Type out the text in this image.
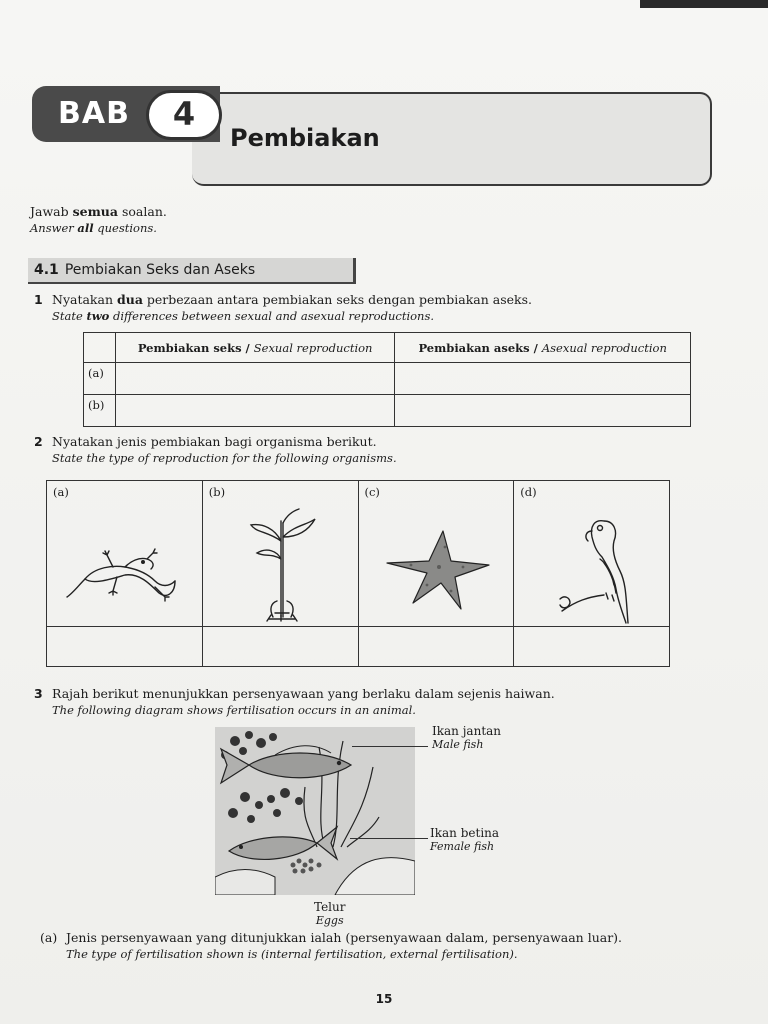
BAB	4
Pembiakan
Jawab semua soalan.
Answer all questions.
4.1 Pembiakan Seks dan Aseks
1 Nyatakan dua perbezaan antara pembiakan seks dengan pembiakan aseks.
State two differences between sexual and asexual reproductions.
	Pembiakan seks / Sexual reproduction	Pembiakan aseks / Asexual reproduction
(a)		
(b)		
2 Nyatakan jenis pembiakan bagi organisma berikut.
State the type of reproduction for the following organisms.
(a)	(b)	(c)	(d)

3 Rajah berikut menunjukkan persenyawaan yang berlaku dalam sejenis haiwan.
The following diagram shows fertilisation occurs in an animal.
Ikan jantan
Male fish
Ikan betina
Female fish
Telur
Eggs
(a) Jenis persenyawaan yang ditunjukkan ialah (persenyawaan dalam, persenyawaan luar).
The type of fertilisation shown is (internal fertilisation, external fertilisation).
15
